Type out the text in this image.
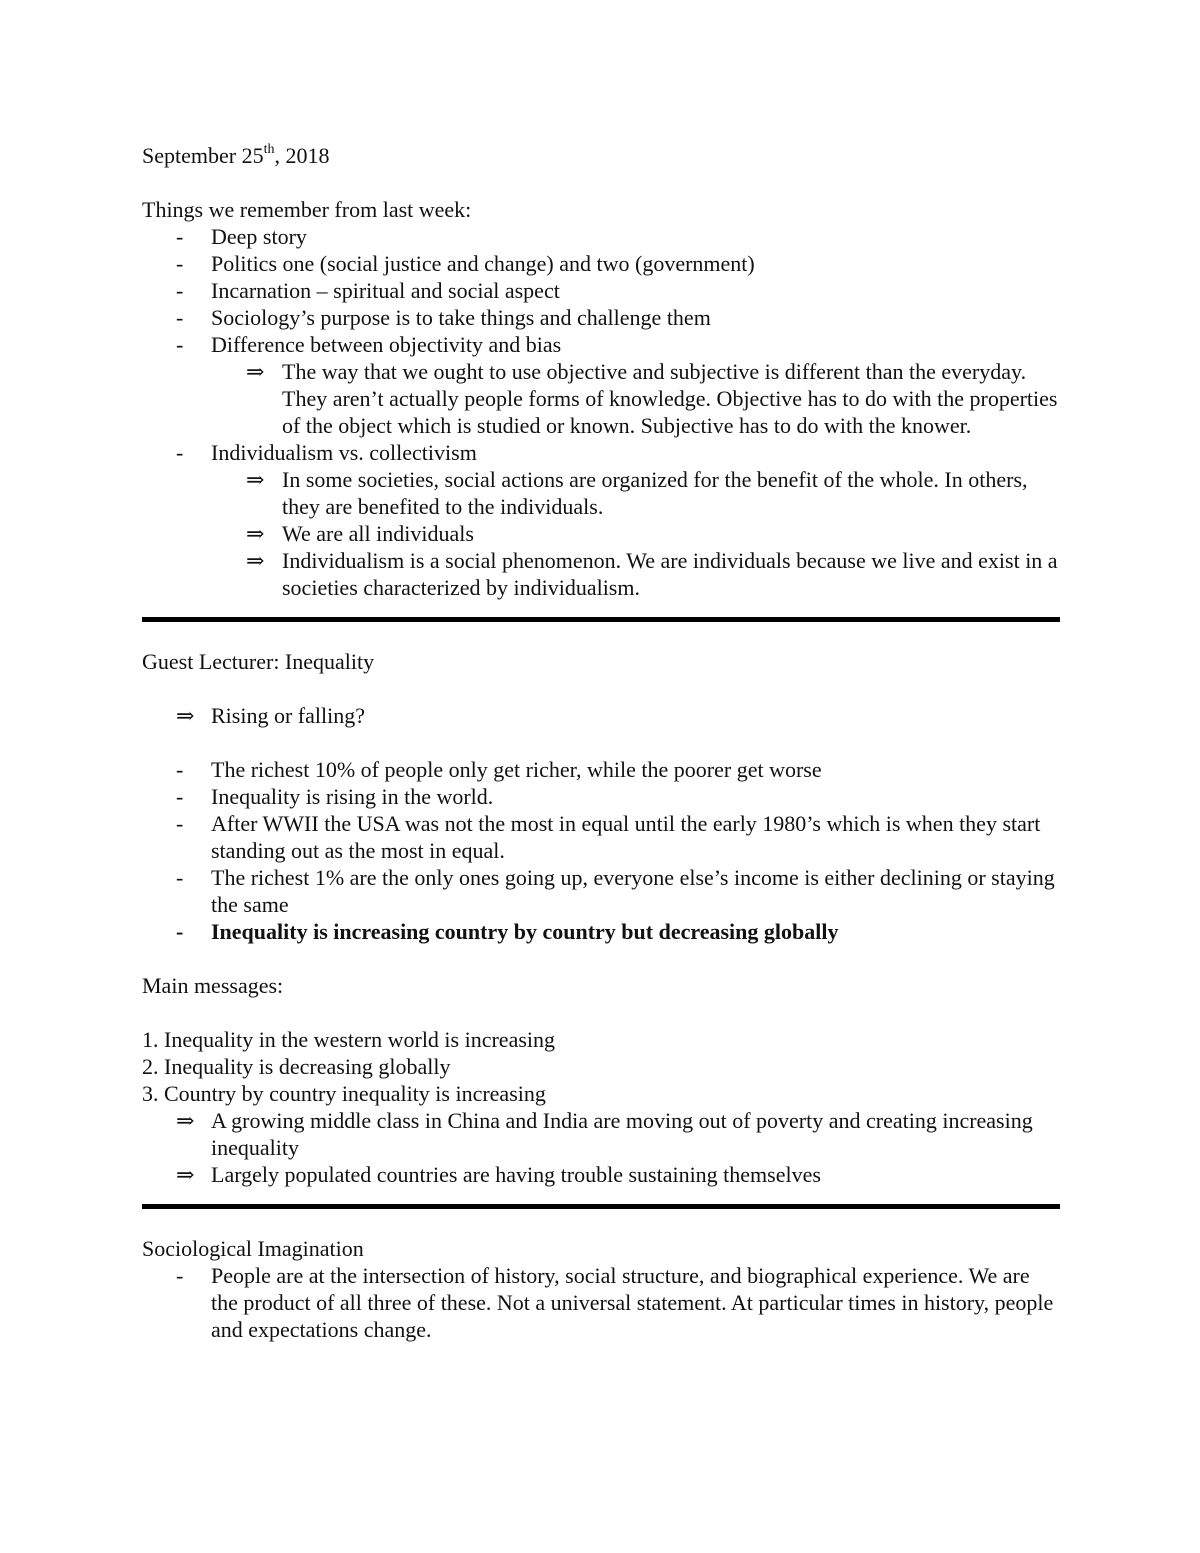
September 25th, 2018
Things we remember from last week:
- Deep story
- Politics one (social justice and change) and two (government)
- Incarnation – spiritual and social aspect
- Sociology’s purpose is to take things and challenge them
- Difference between objectivity and bias
⇒ The way that we ought to use objective and subjective is different than the everyday. They aren’t actually people forms of knowledge. Objective has to do with the properties of the object which is studied or known. Subjective has to do with the knower.
- Individualism vs. collectivism
⇒ In some societies, social actions are organized for the benefit of the whole. In others, they are benefited to the individuals.
⇒ We are all individuals
⇒ Individualism is a social phenomenon. We are individuals because we live and exist in a societies characterized by individualism.
Guest Lecturer: Inequality
⇒ Rising or falling?
- The richest 10% of people only get richer, while the poorer get worse
- Inequality is rising in the world.
- After WWII the USA was not the most in equal until the early 1980’s which is when they start standing out as the most in equal.
- The richest 1% are the only ones going up, everyone else’s income is either declining or staying the same
- Inequality is increasing country by country but decreasing globally
Main messages:
1. Inequality in the western world is increasing
2. Inequality is decreasing globally
3. Country by country inequality is increasing
⇒ A growing middle class in China and India are moving out of poverty and creating increasing inequality
⇒ Largely populated countries are having trouble sustaining themselves
Sociological Imagination
- People are at the intersection of history, social structure, and biographical experience. We are the product of all three of these. Not a universal statement. At particular times in history, people and expectations change.
